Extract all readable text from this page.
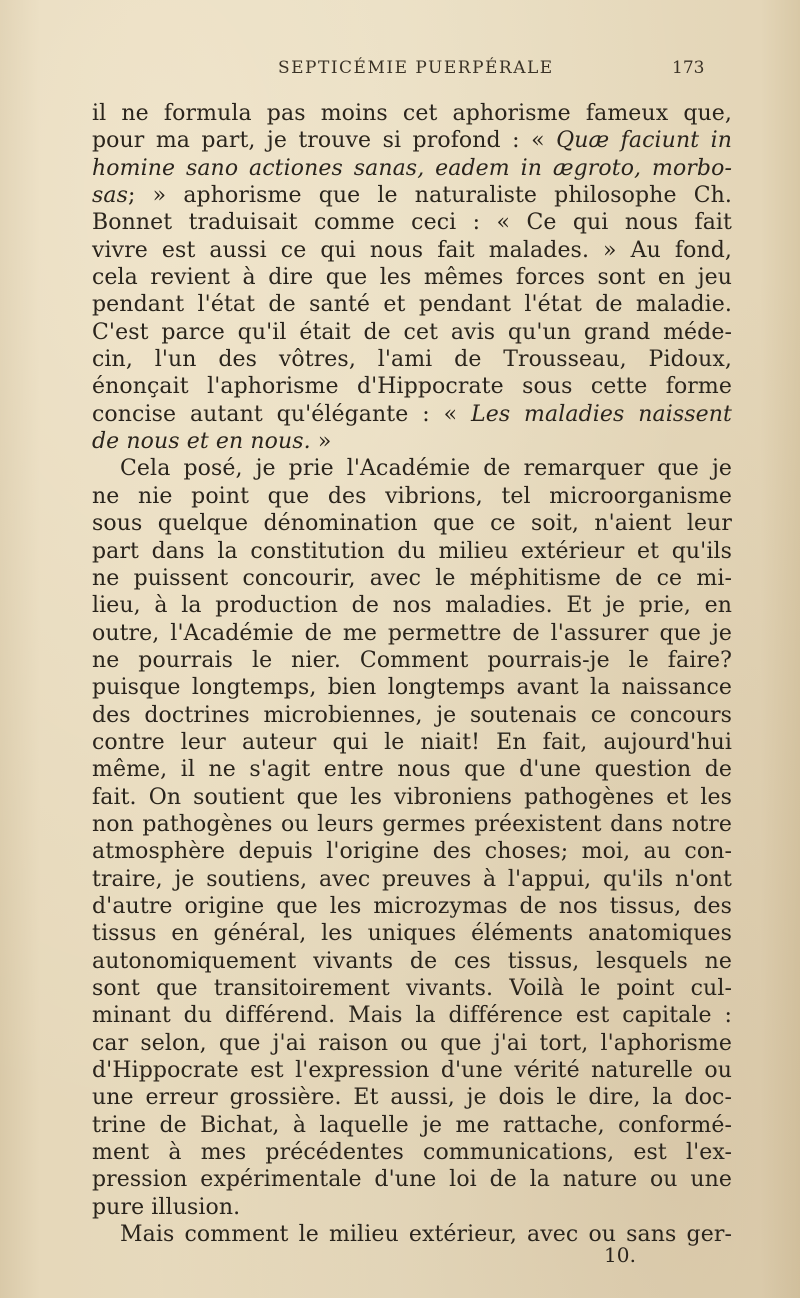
SEPTICÉMIE PUERPÉRALE	173
il ne formula pas moins cet aphorisme fameux que,
pour ma part, je trouve si profond : « Quæ faciunt in
homine sano actiones sanas, eadem in ægroto, morbo-
sas; » aphorisme que le naturaliste philosophe Ch.
Bonnet traduisait comme ceci : « Ce qui nous fait
vivre est aussi ce qui nous fait malades. » Au fond,
cela revient à dire que les mêmes forces sont en jeu
pendant l'état de santé et pendant l'état de maladie.
C'est parce qu'il était de cet avis qu'un grand méde-
cin, l'un des vôtres, l'ami de Trousseau, Pidoux,
énonçait l'aphorisme d'Hippocrate sous cette forme
concise autant qu'élégante : « Les maladies naissent
de nous et en nous. »
Cela posé, je prie l'Académie de remarquer que je
ne nie point que des vibrions, tel microorganisme
sous quelque dénomination que ce soit, n'aient leur
part dans la constitution du milieu extérieur et qu'ils
ne puissent concourir, avec le méphitisme de ce mi-
lieu, à la production de nos maladies. Et je prie, en
outre, l'Académie de me permettre de l'assurer que je
ne pourrais le nier. Comment pourrais-je le faire?
puisque longtemps, bien longtemps avant la naissance
des doctrines microbiennes, je soutenais ce concours
contre leur auteur qui le niait! En fait, aujourd'hui
même, il ne s'agit entre nous que d'une question de
fait. On soutient que les vibroniens pathogènes et les
non pathogènes ou leurs germes préexistent dans notre
atmosphère depuis l'origine des choses; moi, au con-
traire, je soutiens, avec preuves à l'appui, qu'ils n'ont
d'autre origine que les microzymas de nos tissus, des
tissus en général, les uniques éléments anatomiques
autonomiquement vivants de ces tissus, lesquels ne
sont que transitoirement vivants. Voilà le point cul-
minant du différend. Mais la différence est capitale :
car selon, que j'ai raison ou que j'ai tort, l'aphorisme
d'Hippocrate est l'expression d'une vérité naturelle ou
une erreur grossière. Et aussi, je dois le dire, la doc-
trine de Bichat, à laquelle je me rattache, conformé-
ment à mes précédentes communications, est l'ex-
pression expérimentale d'une loi de la nature ou une
pure illusion.
Mais comment le milieu extérieur, avec ou sans ger-
10.
